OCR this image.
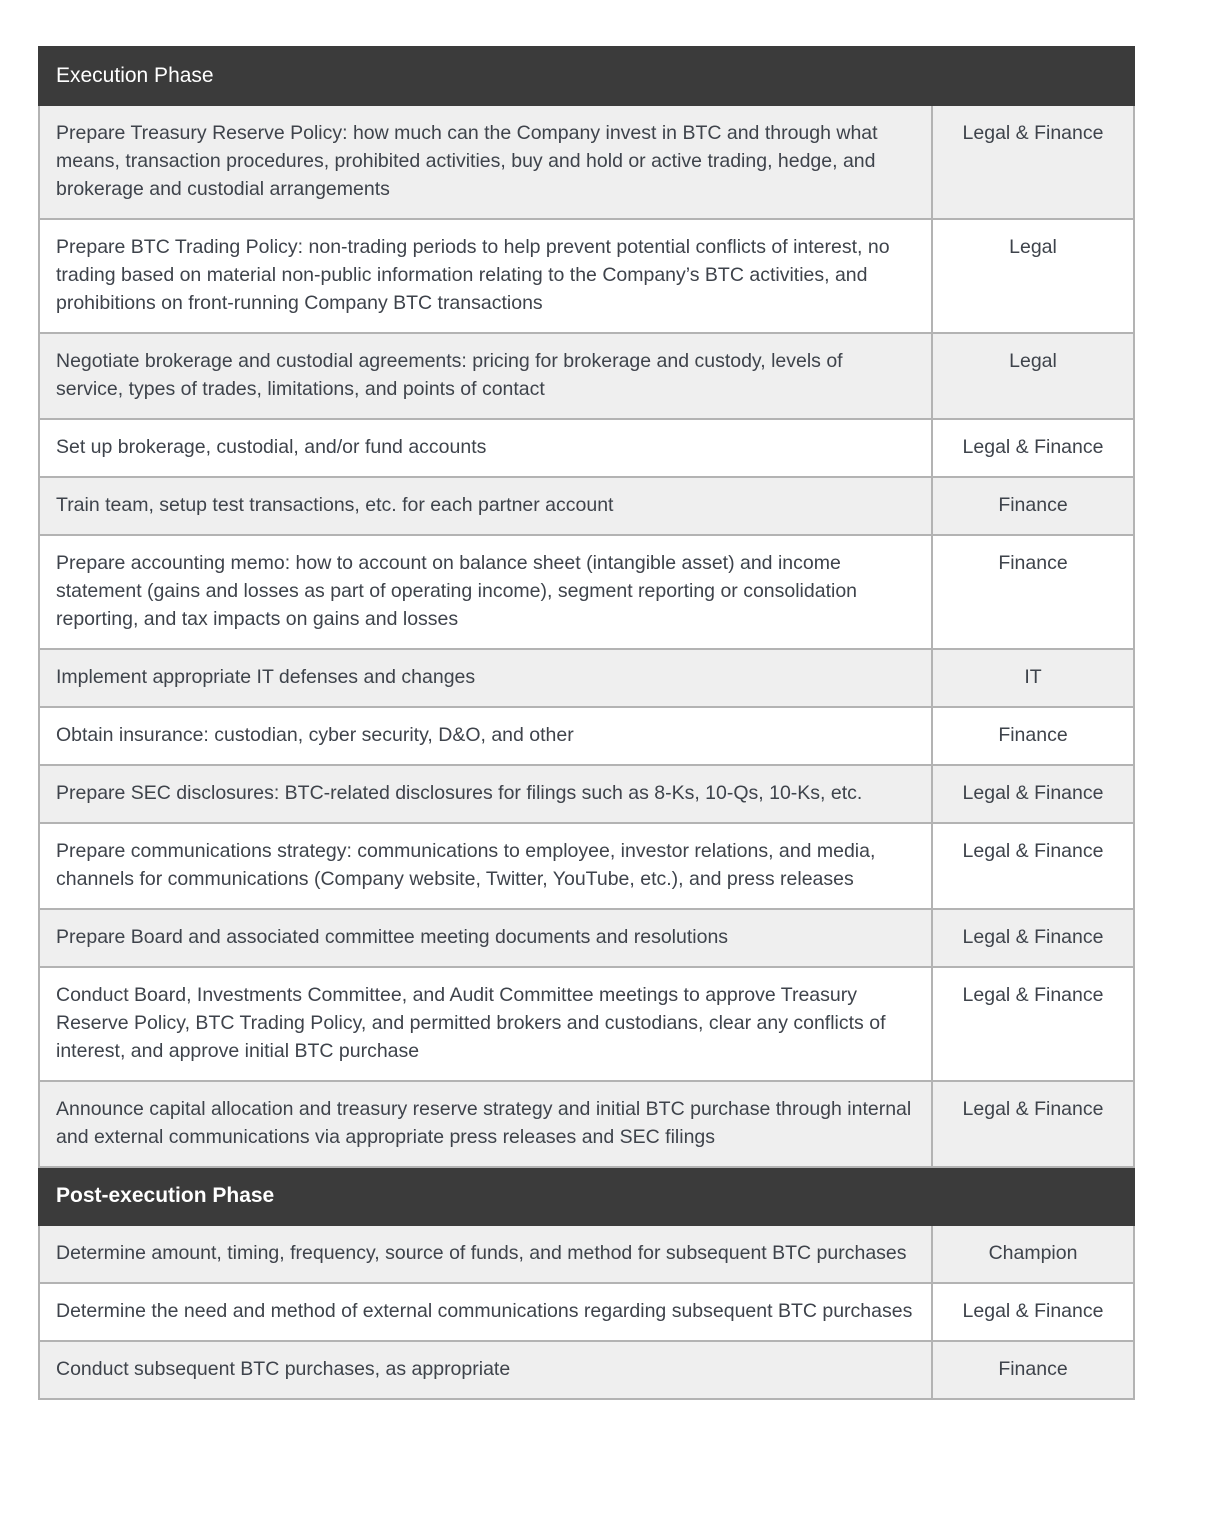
Execution Phase	
Prepare Treasury Reserve Policy: how much can the Company invest in BTC and through what means, transaction procedures, prohibited activities, buy and hold or active trading, hedge, and brokerage and custodial arrangements	Legal & Finance
Prepare BTC Trading Policy: non-trading periods to help prevent potential conflicts of interest, no trading based on material non-public information relating to the Company’s BTC activities, and prohibitions on front-running Company BTC transactions	Legal
Negotiate brokerage and custodial agreements: pricing for brokerage and custody, levels of service, types of trades, limitations, and points of contact	Legal
Set up brokerage, custodial, and/or fund accounts	Legal & Finance
Train team, setup test transactions, etc. for each partner account	Finance
Prepare accounting memo: how to account on balance sheet (intangible asset) and income statement (gains and losses as part of operating income), segment reporting or consolidation reporting, and tax impacts on gains and losses	Finance
Implement appropriate IT defenses and changes	IT
Obtain insurance: custodian, cyber security, D&O, and other	Finance
Prepare SEC disclosures: BTC-related disclosures for filings such as 8-Ks, 10-Qs, 10-Ks, etc.	Legal & Finance
Prepare communications strategy: communications to employee, investor relations, and media, channels for communications (Company website, Twitter, YouTube, etc.), and press releases	Legal & Finance
Prepare Board and associated committee meeting documents and resolutions	Legal & Finance
Conduct Board, Investments Committee, and Audit Committee meetings to approve Treasury Reserve Policy, BTC Trading Policy, and permitted brokers and custodians, clear any conflicts of interest, and approve initial BTC purchase	Legal & Finance
Announce capital allocation and treasury reserve strategy and initial BTC purchase through internal and external communications via appropriate press releases and SEC filings	Legal & Finance
Post-execution Phase	
Determine amount, timing, frequency, source of funds, and method for subsequent BTC purchases	Champion
Determine the need and method of external communications regarding subsequent BTC purchases	Legal & Finance
Conduct subsequent BTC purchases, as appropriate	Finance
